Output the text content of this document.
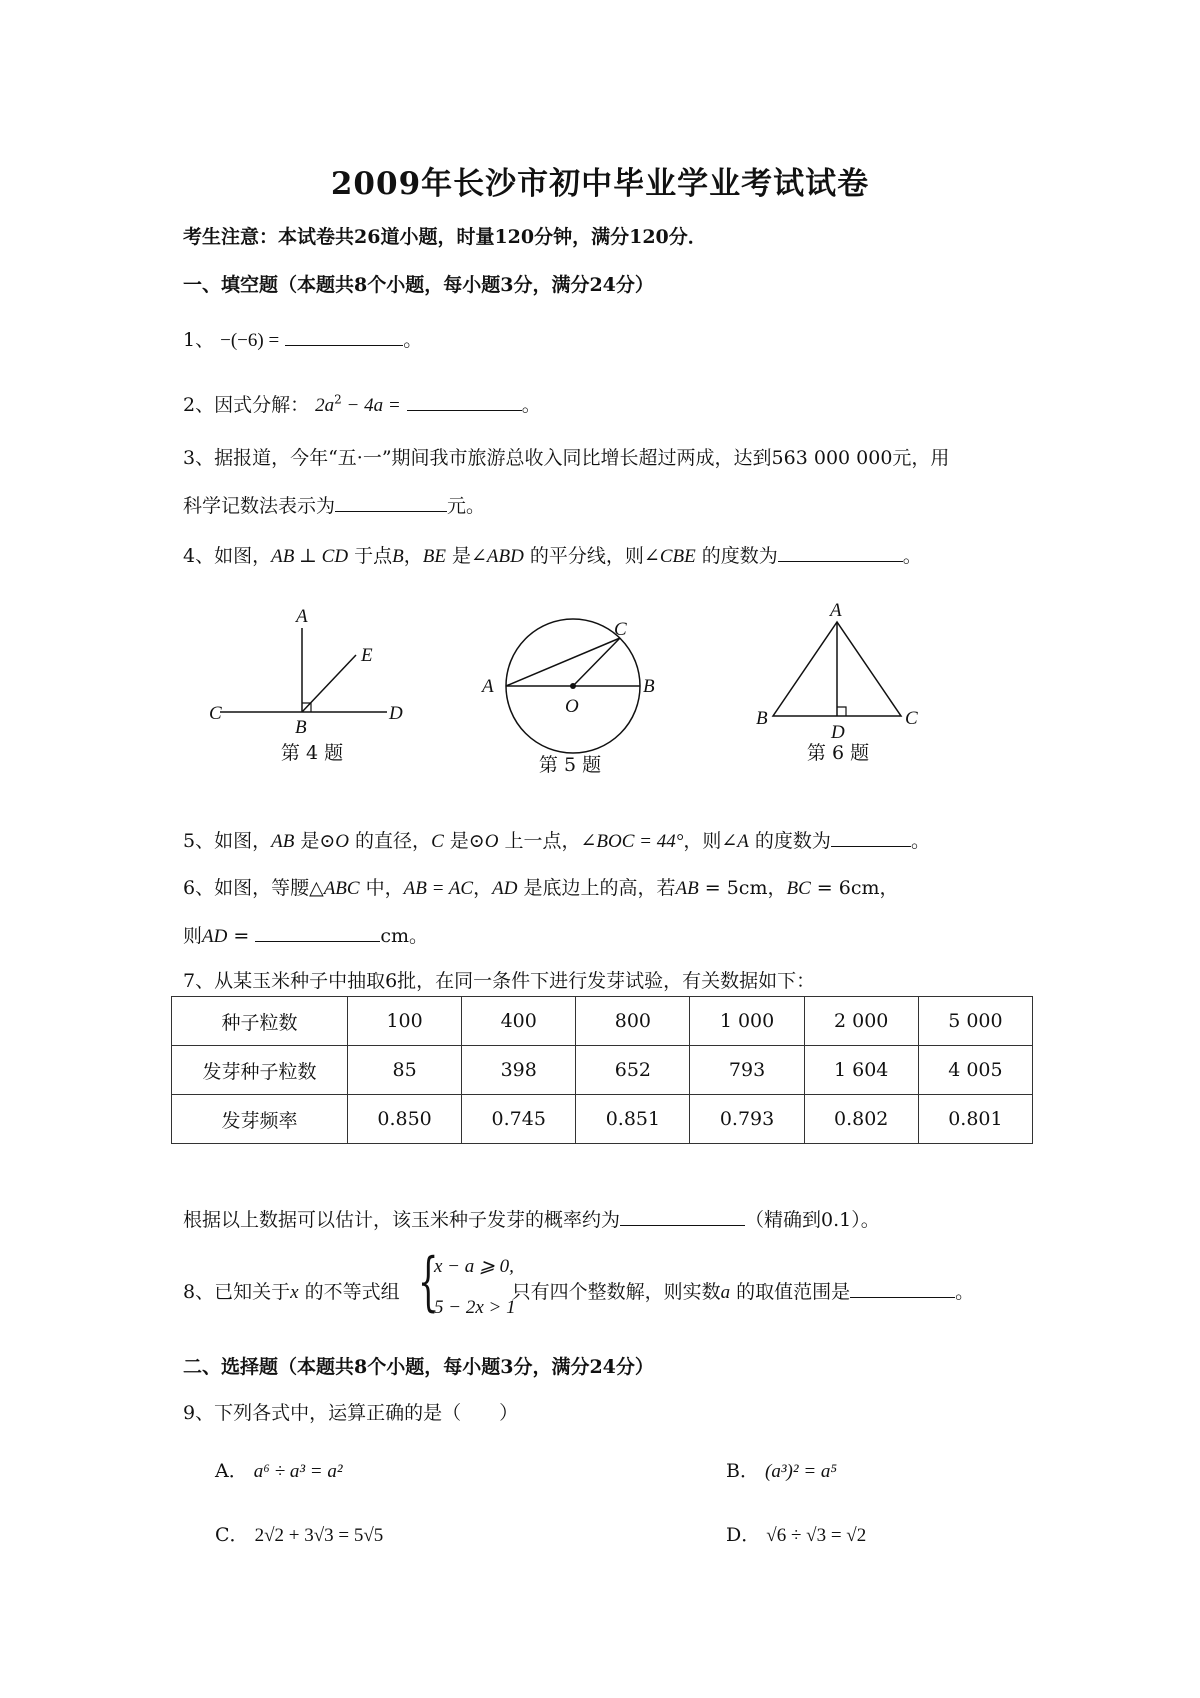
2009年长沙市初中毕业学业考试试卷
考生注意：本试卷共26道小题，时量120分钟，满分120分．
一、填空题（本题共8个小题，每小题3分，满分24分）
1、 −(−6) =	。
2、因式分解： $2a^2 - 4a$ =	。
3、据报道，今年“五·一”期间我市旅游总收入同比增长超过两成，达到563 000 000元，用
科学记数法表示为	元。
4、如图，AB ⊥ CD 于点B，BE 是∠ABD 的平分线，则∠CBE 的度数为	。
A
E
C
B
D
第 4 题
C
A	B
O
第 5 题
A
B	C
D
第 6 题
5、如图，AB 是⊙O 的直径，C 是⊙O 上一点，∠BOC = 44°，则∠A 的度数为	。
6、如图，等腰△ABC 中，AB = AC，AD 是底边上的高，若AB = 5cm，BC = 6cm，
则AD =	cm。
7、从某玉米种子中抽取6批，在同一条件下进行发芽试验，有关数据如下：
种子粒数	100	400	800	1 000	2 000	5 000
发芽种子粒数	85	398	652	793	1 604	4 005
发芽频率	0.850	0.745	0.851	0.793	0.802	0.801
根据以上数据可以估计，该玉米种子发芽的概率约为	（精确到0.1）。
8、已知关于x 的不等式组	只有四个整数解，则实数a 的取值范围是	。
{
x − a ⩾ 0,
5 − 2x > 1
二、选择题（本题共8个小题，每小题3分，满分24分）
9、下列各式中，运算正确的是（　　）
A． a⁶ ÷ a³ = a²	B． (a³)² = a⁵
C． 2√2 + 3√3 = 5√5	D． √6 ÷ √3 = √2
